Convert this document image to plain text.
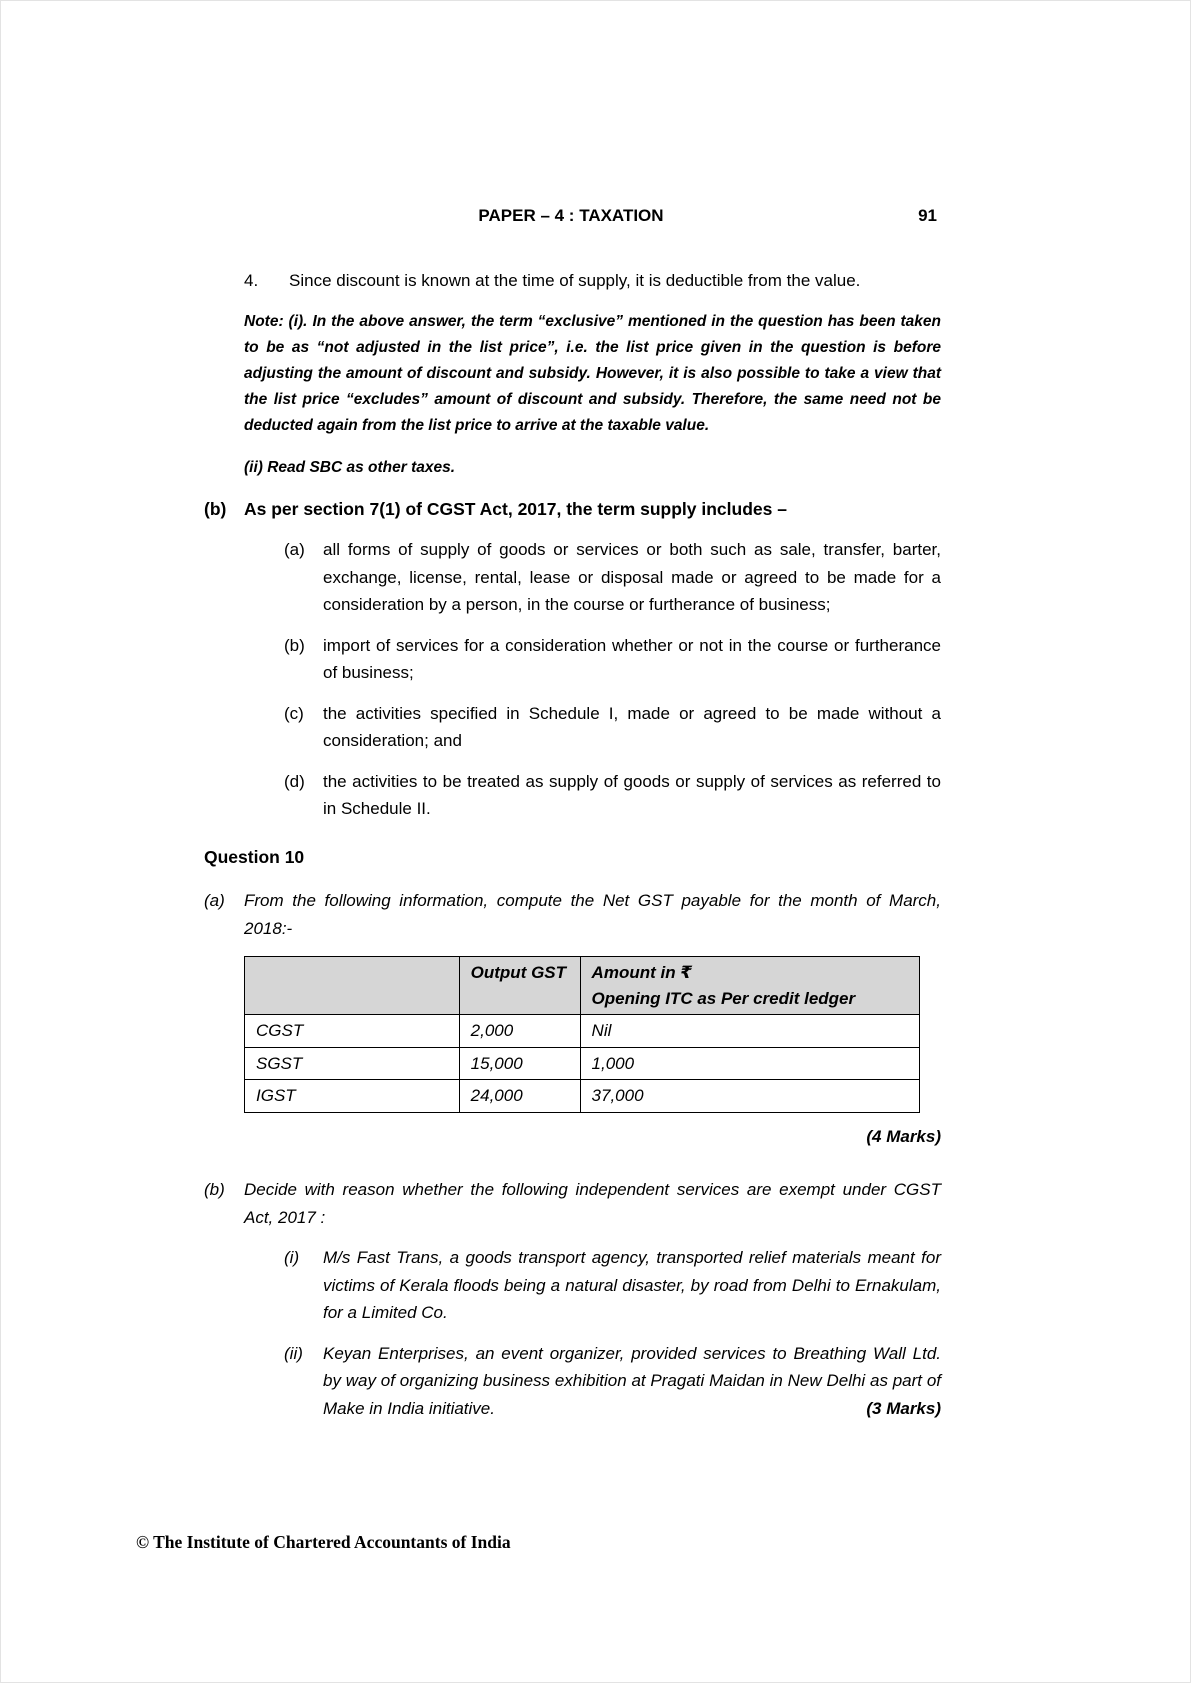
PAPER – 4 : TAXATION	91
4.	Since discount is known at the time of supply, it is deductible from the value.
Note: (i). In the above answer, the term “exclusive” mentioned in the question has been taken to be as “not adjusted in the list price”, i.e. the list price given in the question is before adjusting the amount of discount and subsidy. However, it is also possible to take a view that the list price “excludes” amount of discount and subsidy. Therefore, the same need not be deducted again from the list price to arrive at the taxable value.
(ii) Read SBC as other taxes.
(b)	As per section 7(1) of CGST Act, 2017, the term supply includes –
(a)	all forms of supply of goods or services or both such as sale, transfer, barter, exchange, license, rental, lease or disposal made or agreed to be made for a consideration by a person, in the course or furtherance of business;
(b)	import of services for a consideration whether or not in the course or furtherance of business;
(c)	the activities specified in Schedule I, made or agreed to be made without a consideration; and
(d)	the activities to be treated as supply of goods or supply of services as referred to in Schedule II.
Question 10
(a)	From the following information, compute the Net GST payable for the month of March, 2018:-
	Output GST	Amount in ₹
Opening ITC as Per credit ledger

CGST	2,000	Nil
SGST	15,000	1,000
IGST	24,000	37,000
(4 Marks)
(b)	Decide with reason whether the following independent services are exempt under CGST Act, 2017 :
(i)	M/s Fast Trans, a goods transport agency, transported relief materials meant for victims of Kerala floods being a natural disaster, by road from Delhi to Ernakulam, for a Limited Co.
(ii)	Keyan Enterprises, an event organizer, provided services to Breathing Wall Ltd. by way of organizing business exhibition at Pragati Maidan in New Delhi as part of Make in India initiative.	(3 Marks)
© The Institute of Chartered Accountants of India
